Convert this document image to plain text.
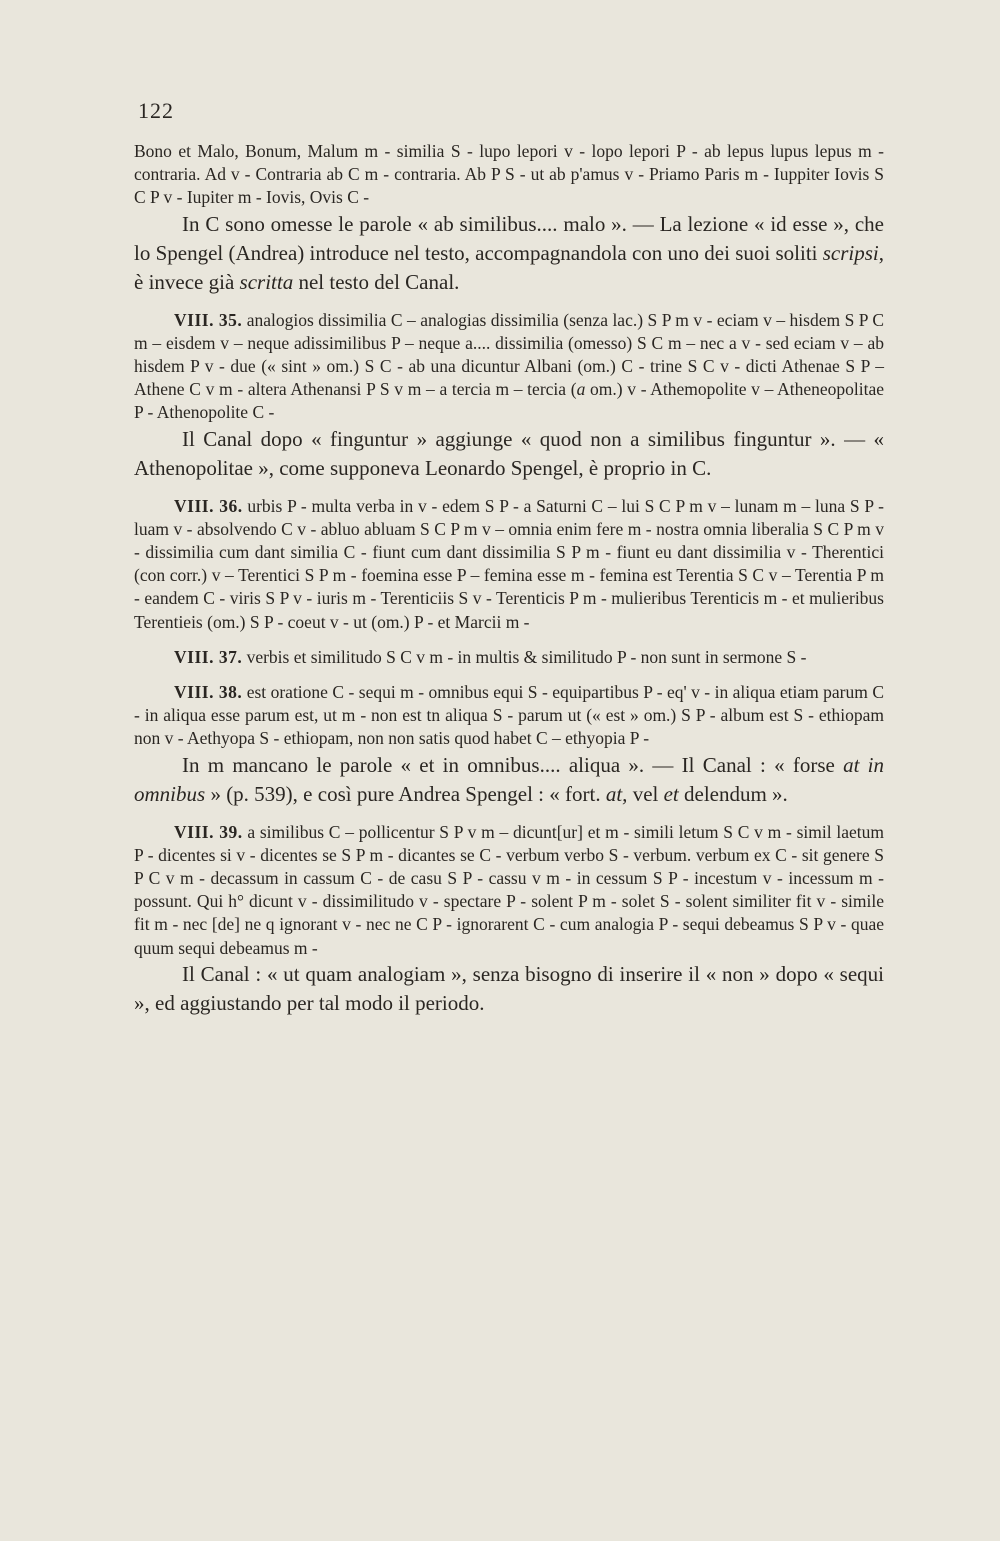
122

Bono et Malo, Bonum, Malum m - similia S - lupo lepori v - lopo lepori P - ab lepus lupus lepus m - contraria. Ad v - Contraria ab C m - contraria. Ab P S - ut ab p'amus v - Priamo Paris m - Iuppiter Iovis S C P v - Iupiter m - Iovis, Ovis C -

In C sono omesse le parole « ab similibus.... malo ». — La lezione « id esse », che lo Spengel (Andrea) introduce nel testo, accompagnandola con uno dei suoi soliti scripsi, è invece già scritta nel testo del Canal.

VIII. 35. analogios dissimilia C – analogias dissimilia (senza lac.) S P m v - eciam v – hisdem S P C m – eisdem v – neque adissimilibus P – neque a.... dissimilia (omesso) S C m – nec a v - sed eciam v – ab hisdem P v - due (« sint » om.) S C - ab una dicuntur Albani (om.) C - trine S C v - dicti Athenae S P – Athene C v m - altera Athenansi P S v m – a tercia m – tercia (a om.) v - Athemopolite v – Atheneopolitae P - Athenopolite C -

Il Canal dopo « finguntur » aggiunge « quod non a similibus finguntur ». — « Athenopolitae », come supponeva Leonardo Spengel, è proprio in C.

VIII. 36. urbis P - multa verba in v - edem S P - a Saturni C – lui S C P m v – lunam m – luna S P - luam v - absolvendo C v - abluo abluam S C P m v – omnia enim fere m - nostra omnia liberalia S C P m v - dissimilia cum dant similia C - fiunt cum dant dissimilia S P m - fiunt eu dant dissimilia v - Therentici (con corr.) v – Terentici S P m - foemina esse P – femina esse m - femina est Terentia S C v – Terentia P m - eandem C - viris S P v - iuris m - Terenticiis S v - Terenticis P m - mulieribus Terenticis m - et mulieribus Terentieis (om.) S P - coeut v - ut (om.) P - et Marcii m -

VIII. 37. verbis et similitudo S C v m - in multis & similitudo P - non sunt in sermone S -

VIII. 38. est oratione C - sequi m - omnibus equi S - equipartibus P - eq' v - in aliqua etiam parum C - in aliqua esse parum est, ut m - non est tn aliqua S - parum ut (« est » om.) S P - album est S - ethiopam non v - Aethyopa S - ethiopam, non non satis quod habet C – ethyopia P -

In m mancano le parole « et in omnibus.... aliqua ». — Il Canal : « forse at in omnibus » (p. 539), e così pure Andrea Spengel : « fort. at, vel et delendum ».

VIII. 39. a similibus C – pollicentur S P v m – dicunt[ur] et m - simili letum S C v m - simil laetum P - dicentes si v - dicentes se S P m - dicantes se C - verbum verbo S - verbum. verbum ex C - sit genere S P C v m - decassum in cassum C - de casu S P - cassu v m - in cessum S P - incestum v - incessum m - possunt. Qui h° dicunt v - dissimilitudo v - spectare P - solent P m - solet S - solent similiter fit v - simile fit m - nec [de] ne q ignorant v - nec ne C P - ignorarent C - cum analogia P - sequi debeamus S P v - quae quum sequi debeamus m -

Il Canal : « ut quam analogiam », senza bisogno di inserire il « non » dopo « sequi », ed aggiustando per tal modo il periodo.
